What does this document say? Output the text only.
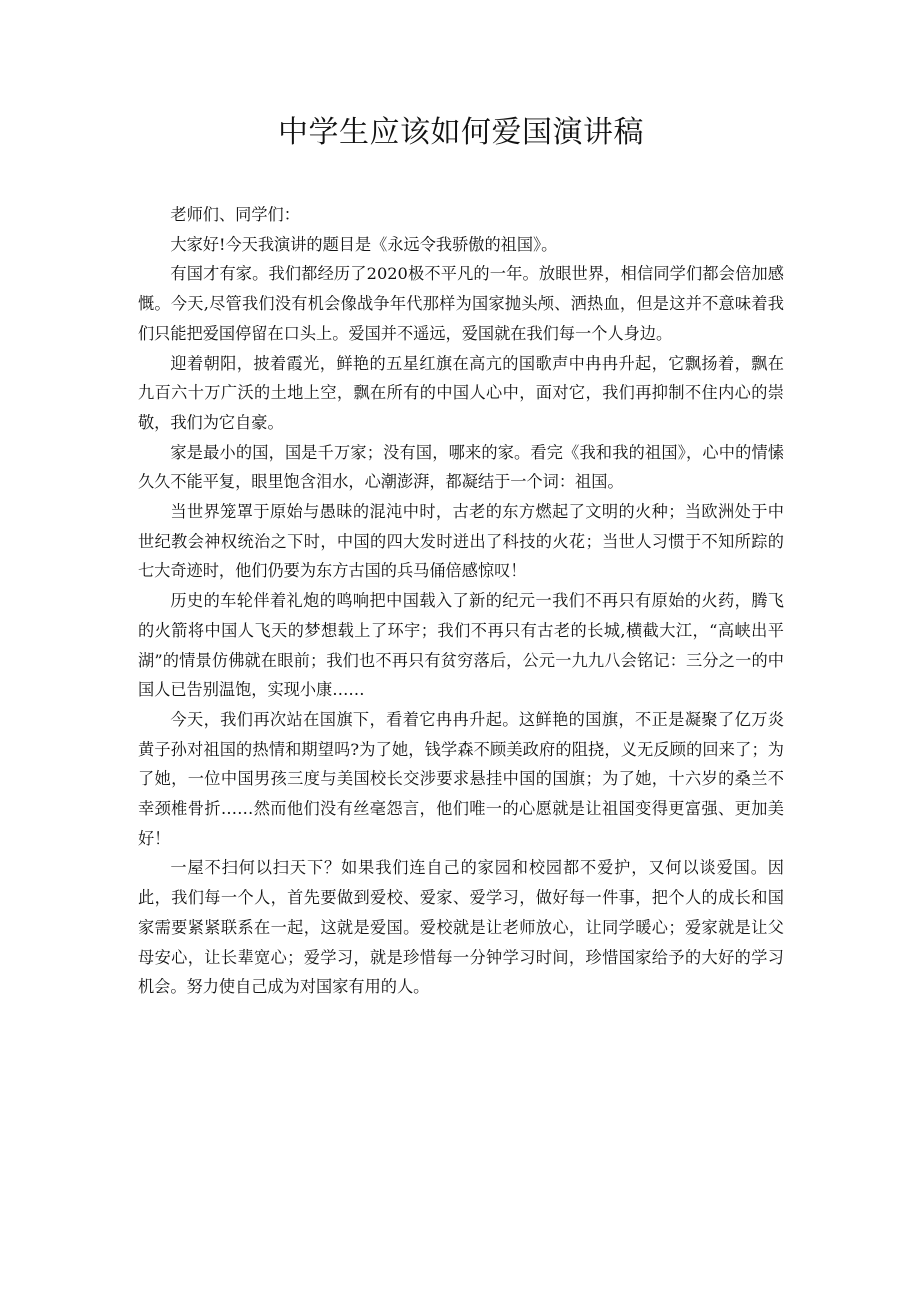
中学生应该如何爱国演讲稿

老师们、同学们：

大家好!今天我演讲的题目是《永远令我骄傲的祖国》。

有国才有家。我们都经历了2020极不平凡的一年。放眼世界，相信同学们都会倍加感慨。今天,尽管我们没有机会像战争年代那样为国家抛头颅、洒热血，但是这并不意味着我们只能把爱国停留在口头上。爱国并不遥远，爱国就在我们每一个人身边。

迎着朝阳，披着霞光，鲜艳的五星红旗在高亢的国歌声中冉冉升起，它飘扬着，飘在九百六十万广沃的土地上空，飘在所有的中国人心中，面对它，我们再抑制不住内心的崇敬，我们为它自豪。

家是最小的国，国是千万家；没有国，哪来的家。看完《我和我的祖国》，心中的情愫久久不能平复，眼里饱含泪水，心潮澎湃，都凝结于一个词：祖国。

当世界笼罩于原始与愚昧的混沌中时，古老的东方燃起了文明的火种；当欧洲处于中世纪教会神权统治之下时，中国的四大发时迸出了科技的火花；当世人习惯于不知所踪的七大奇迹时，他们仍要为东方古国的兵马俑倍感惊叹！

历史的车轮伴着礼炮的鸣响把中国载入了新的纪元一我们不再只有原始的火药，腾飞的火箭将中国人飞天的梦想载上了环宇；我们不再只有古老的长城,横截大江，“高峡出平湖”的情景仿佛就在眼前；我们也不再只有贫穷落后，公元一九九八会铭记：三分之一的中国人已告别温饱，实现小康……

今天，我们再次站在国旗下，看着它冉冉升起。这鲜艳的国旗，不正是凝聚了亿万炎黄子孙对祖国的热情和期望吗?为了她，钱学森不顾美政府的阻挠，义无反顾的回来了；为了她，一位中国男孩三度与美国校长交涉要求悬挂中国的国旗；为了她，十六岁的桑兰不幸颈椎骨折……然而他们没有丝毫怨言，他们唯一的心愿就是让祖国变得更富强、更加美好！

一屋不扫何以扫天下？如果我们连自己的家园和校园都不爱护，又何以谈爱国。因此，我们每一个人，首先要做到爱校、爱家、爱学习，做好每一件事，把个人的成长和国家需要紧紧联系在一起，这就是爱国。爱校就是让老师放心，让同学暖心；爱家就是让父母安心，让长辈宽心；爱学习，就是珍惜每一分钟学习时间，珍惜国家给予的大好的学习机会。努力使自己成为对国家有用的人。
